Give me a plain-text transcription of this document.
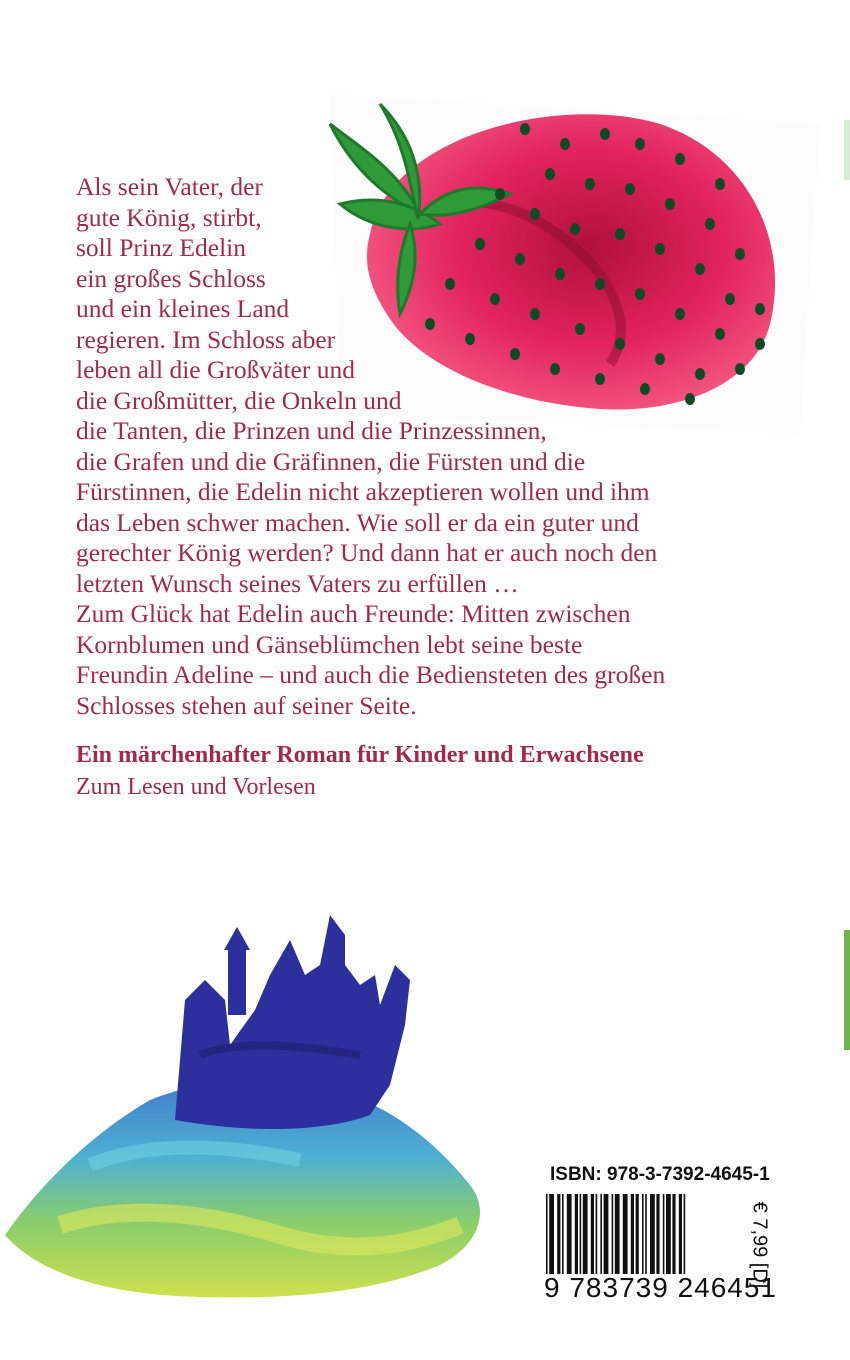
Als sein Vater, der
gute König, stirbt,
soll Prinz Edelin
ein großes Schloss
und ein kleines Land
regieren. Im Schloss aber
leben all die Großväter und
die Großmütter, die Onkeln und
die Tanten, die Prinzen und die Prinzessinnen,
die Grafen und die Gräfinnen, die Fürsten und die
Fürstinnen, die Edelin nicht akzeptieren wollen und ihm
das Leben schwer machen. Wie soll er da ein guter und
gerechter König werden? Und dann hat er auch noch den
letzten Wunsch seines Vaters zu erfüllen …
Zum Glück hat Edelin auch Freunde: Mitten zwischen
Kornblumen und Gänseblümchen lebt seine beste
Freundin Adeline – und auch die Bediensteten des großen
Schlosses stehen auf seiner Seite.
Ein märchenhafter Roman für Kinder und Erwachsene
Zum Lesen und Vorlesen
ISBN: 978-3-7392-4645-1
9 783739 246451
€ 7,99 [D]
